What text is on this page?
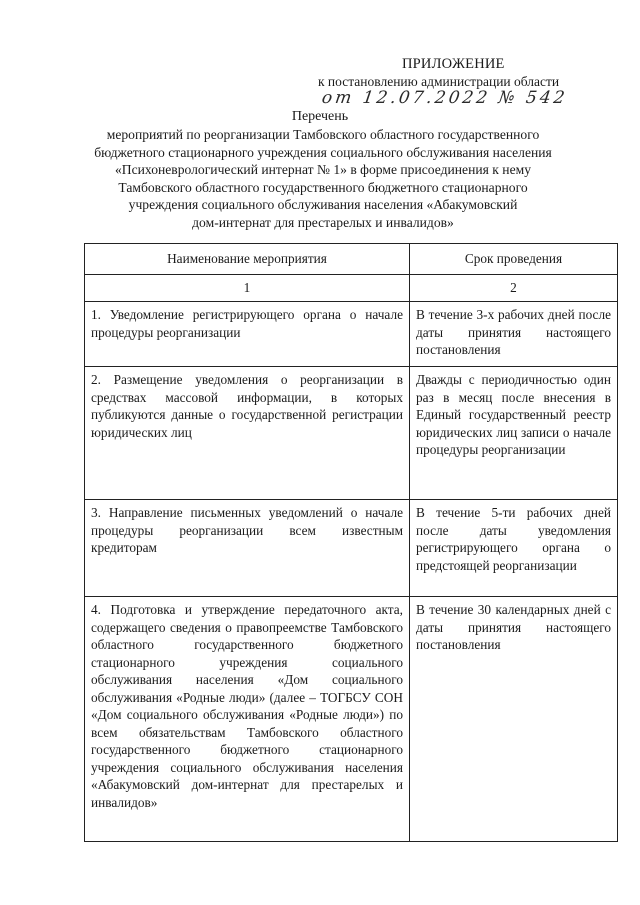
ПРИЛОЖЕНИЕ
к постановлению администрации области
от 12.07.2022 № 542
Перечень
мероприятий по реорганизации Тамбовского областного государственного
бюджетного стационарного учреждения социального обслуживания населения
«Психоневрологический интернат № 1» в форме присоединения к нему
Тамбовского областного государственного бюджетного стационарного
учреждения социального обслуживания населения «Абакумовский
дом-интернат для престарелых и инвалидов»
Наименование мероприятия	Срок проведения
1	2
1. Уведомление регистрирующего органа о начале процедуры реорганизации	В течение 3-х рабочих дней после даты принятия настоящего постановления
2. Размещение уведомления о реорганизации в средствах массовой информации, в которых публикуются данные о государственной регистрации юридических лиц	Дважды с периодичностью один раз в месяц после внесения в Единый государственный реестр юридических лиц записи о начале процедуры реорганизации
3. Направление письменных уведомлений о начале процедуры реорганизации всем известным кредиторам	В течение 5-ти рабочих дней после даты уведомления регистрирующего органа о предстоящей реорганизации
4. Подготовка и утверждение передаточного акта, содержащего сведения о правопреемстве Тамбовского областного государственного бюджетного стационарного учреждения социального обслуживания населения «Дом социального обслуживания «Родные люди» (далее – ТОГБСУ СОН «Дом социального обслуживания «Родные люди») по всем обязательствам Тамбовского областного государственного бюджетного стационарного учреждения социального обслуживания населения «Абакумовский дом-интернат для престарелых и инвалидов»	В течение 30 календарных дней с даты принятия настоящего постановления
